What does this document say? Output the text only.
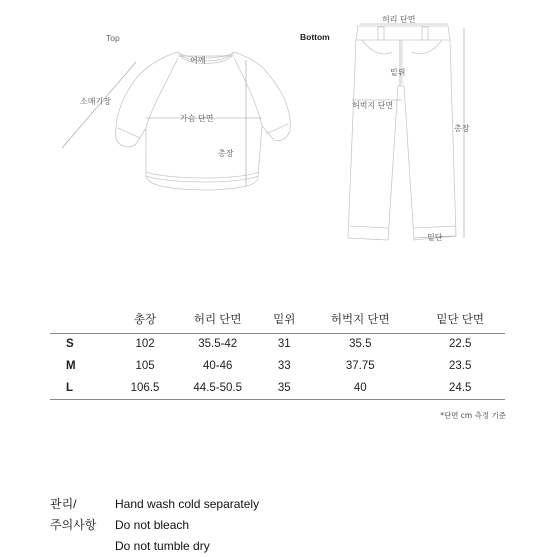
Top
어깨
소매기장
가슴 단면
총장
Bottom
허리 단면
밑위
허벅지 단면
총장
밑단
	총장	허리 단면	밑위	허벅지 단면	밑단 단면
S	102	35.5-42	31	35.5	22.5
M	105	40-46	33	37.75	23.5
L	106.5	44.5-50.5	35	40	24.5
*단면 cm 측정 기준
관리/
주의사항
Hand wash cold separately
Do not bleach
Do not tumble dry
